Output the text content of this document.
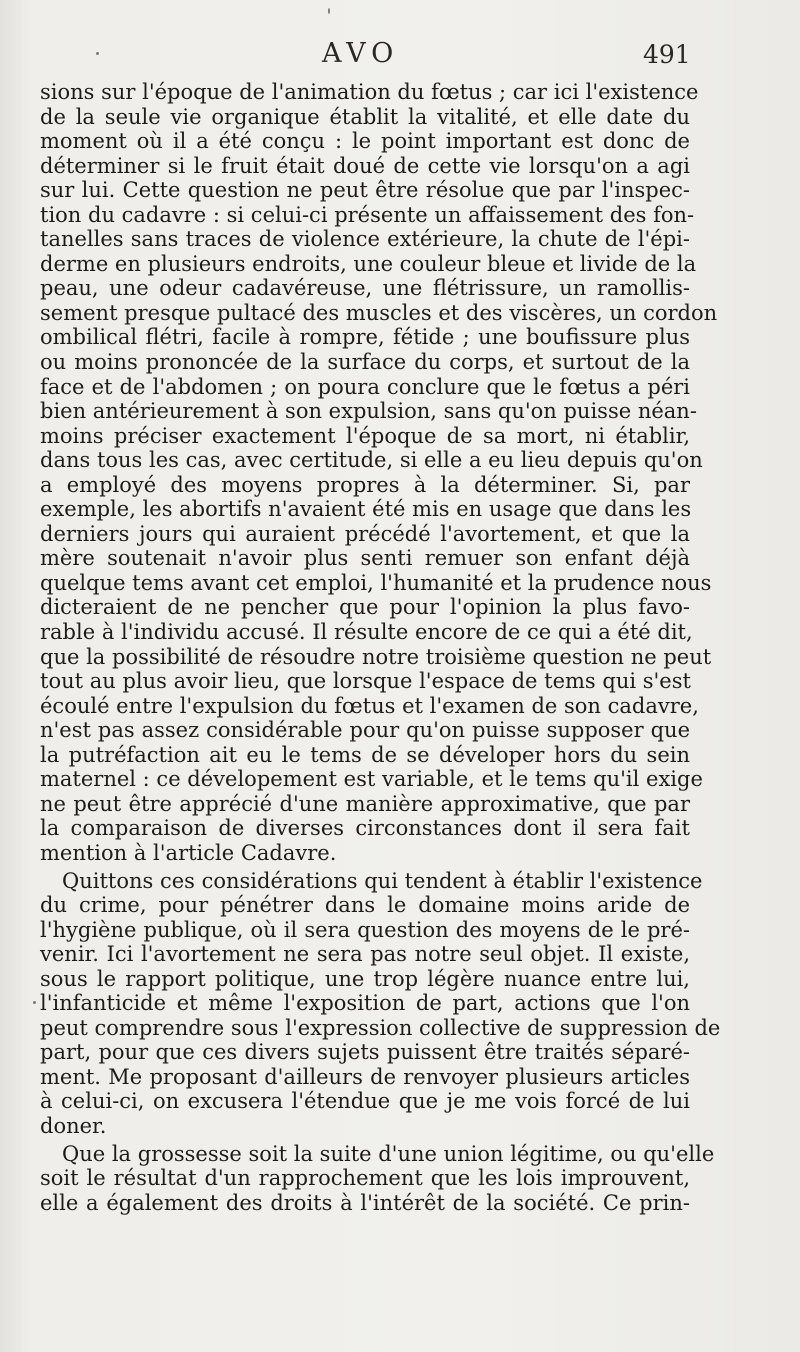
AVO	491
sions sur l'époque de l'animation du fœtus ; car ici l'existence
de la seule vie organique établit la vitalité, et elle date du
moment où il a été conçu : le point important est donc de
déterminer si le fruit était doué de cette vie lorsqu'on a agi
sur lui. Cette question ne peut être résolue que par l'inspec-
tion du cadavre : si celui-ci présente un affaissement des fon-
tanelles sans traces de violence extérieure, la chute de l'épi-
derme en plusieurs endroits, une couleur bleue et livide de la
peau, une odeur cadavéreuse, une flétrissure, un ramollis-
sement presque pultacé des muscles et des viscères, un cordon
ombilical flétri, facile à rompre, fétide ; une boufissure plus
ou moins prononcée de la surface du corps, et surtout de la
face et de l'abdomen ; on poura conclure que le fœtus a péri
bien antérieurement à son expulsion, sans qu'on puisse néan-
moins préciser exactement l'époque de sa mort, ni établir,
dans tous les cas, avec certitude, si elle a eu lieu depuis qu'on
a employé des moyens propres à la déterminer. Si, par
exemple, les abortifs n'avaient été mis en usage que dans les
derniers jours qui auraient précédé l'avortement, et que la
mère soutenait n'avoir plus senti remuer son enfant déjà
quelque tems avant cet emploi, l'humanité et la prudence nous
dicteraient de ne pencher que pour l'opinion la plus favo-
rable à l'individu accusé. Il résulte encore de ce qui a été dit,
que la possibilité de résoudre notre troisième question ne peut
tout au plus avoir lieu, que lorsque l'espace de tems qui s'est
écoulé entre l'expulsion du fœtus et l'examen de son cadavre,
n'est pas assez considérable pour qu'on puisse supposer que
la putréfaction ait eu le tems de se déveloper hors du sein
maternel : ce dévelopement est variable, et le tems qu'il exige
ne peut être apprécié d'une manière approximative, que par
la comparaison de diverses circonstances dont il sera fait
mention à l'article Cadavre.
Quittons ces considérations qui tendent à établir l'existence
du crime, pour pénétrer dans le domaine moins aride de
l'hygiène publique, où il sera question des moyens de le pré-
venir. Ici l'avortement ne sera pas notre seul objet. Il existe,
sous le rapport politique, une trop légère nuance entre lui,
l'infanticide et même l'exposition de part, actions que l'on
peut comprendre sous l'expression collective de suppression de
part, pour que ces divers sujets puissent être traités séparé-
ment. Me proposant d'ailleurs de renvoyer plusieurs articles
à celui-ci, on excusera l'étendue que je me vois forcé de lui
doner.
Que la grossesse soit la suite d'une union légitime, ou qu'elle
soit le résultat d'un rapprochement que les lois improuvent,
elle a également des droits à l'intérêt de la société. Ce prin-
